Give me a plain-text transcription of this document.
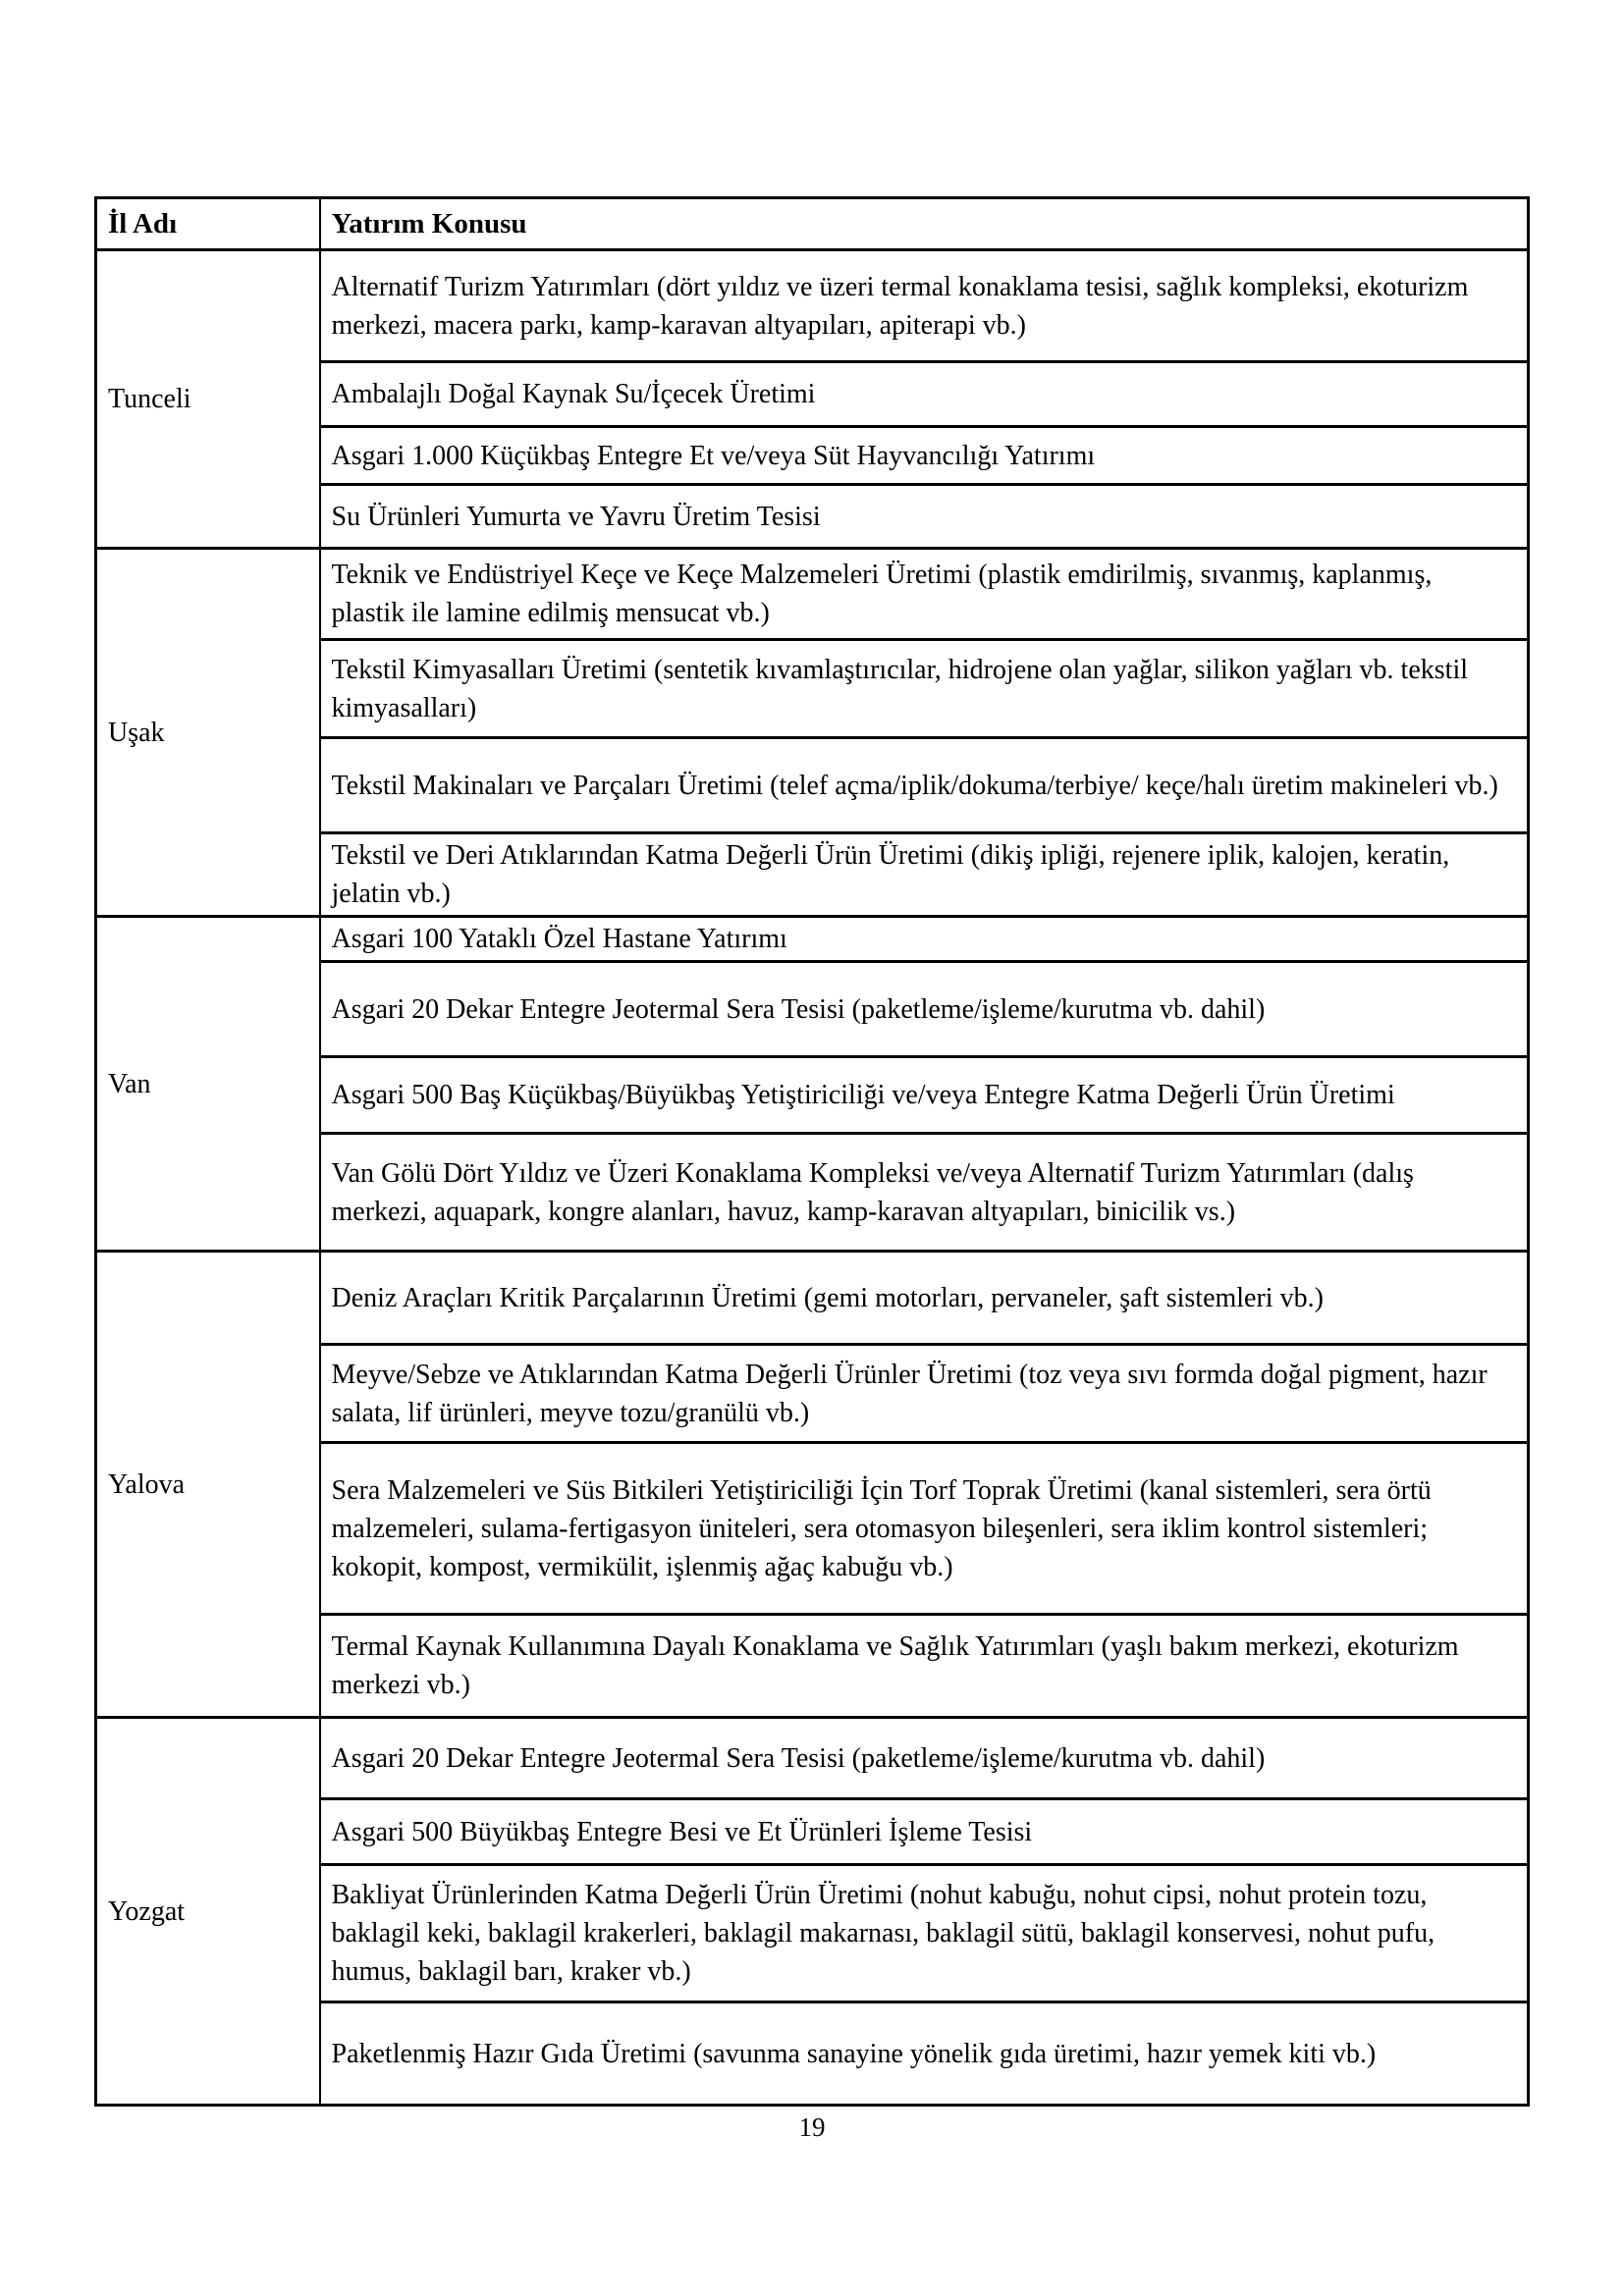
İl Adı	Yatırım Konusu
Tunceli	Alternatif Turizm Yatırımları (dört yıldız ve üzeri termal konaklama tesisi, sağlık kompleksi, ekoturizm merkezi, macera parkı, kamp-karavan altyapıları, apiterapi vb.)
	Ambalajlı Doğal Kaynak Su/İçecek Üretimi
	Asgari 1.000 Küçükbaş Entegre Et ve/veya Süt Hayvancılığı Yatırımı
	Su Ürünleri Yumurta ve Yavru Üretim Tesisi
Uşak	Teknik ve Endüstriyel Keçe ve Keçe Malzemeleri Üretimi (plastik emdirilmiş, sıvanmış, kaplanmış, plastik ile lamine edilmiş mensucat vb.)
	Tekstil Kimyasalları Üretimi (sentetik kıvamlaştırıcılar, hidrojene olan yağlar, silikon yağları vb. tekstil kimyasalları)
	Tekstil Makinaları ve Parçaları Üretimi (telef açma/iplik/dokuma/terbiye/ keçe/halı üretim makineleri vb.)
	Tekstil ve Deri Atıklarından Katma Değerli Ürün Üretimi (dikiş ipliği, rejenere iplik, kalojen, keratin, jelatin vb.)
Van	Asgari 100 Yataklı Özel Hastane Yatırımı
	Asgari 20 Dekar Entegre Jeotermal Sera Tesisi (paketleme/işleme/kurutma vb. dahil)
	Asgari 500 Baş Küçükbaş/Büyükbaş Yetiştiriciliği ve/veya Entegre Katma Değerli Ürün Üretimi
	Van Gölü Dört Yıldız ve Üzeri Konaklama Kompleksi ve/veya Alternatif Turizm Yatırımları (dalış merkezi, aquapark, kongre alanları, havuz, kamp-karavan altyapıları, binicilik vs.)
Yalova	Deniz Araçları Kritik Parçalarının Üretimi (gemi motorları, pervaneler, şaft sistemleri vb.)
	Meyve/Sebze ve Atıklarından Katma Değerli Ürünler Üretimi (toz veya sıvı formda doğal pigment, hazır salata, lif ürünleri, meyve tozu/granülü vb.)
	Sera Malzemeleri ve Süs Bitkileri Yetiştiriciliği İçin Torf Toprak Üretimi (kanal sistemleri, sera örtü malzemeleri, sulama-fertigasyon üniteleri, sera otomasyon bileşenleri, sera iklim kontrol sistemleri; kokopit, kompost, vermikülit, işlenmiş ağaç kabuğu vb.)
	Termal Kaynak Kullanımına Dayalı Konaklama ve Sağlık Yatırımları (yaşlı bakım merkezi, ekoturizm merkezi vb.)
Yozgat	Asgari 20 Dekar Entegre Jeotermal Sera Tesisi (paketleme/işleme/kurutma vb. dahil)
	Asgari 500 Büyükbaş Entegre Besi ve Et Ürünleri İşleme Tesisi
	Bakliyat Ürünlerinden Katma Değerli Ürün Üretimi (nohut kabuğu, nohut cipsi, nohut protein tozu, baklagil keki, baklagil krakerleri, baklagil makarnası, baklagil sütü, baklagil konservesi, nohut pufu, humus, baklagil barı, kraker vb.)
	Paketlenmiş Hazır Gıda Üretimi (savunma sanayine yönelik gıda üretimi, hazır yemek kiti vb.)
19
